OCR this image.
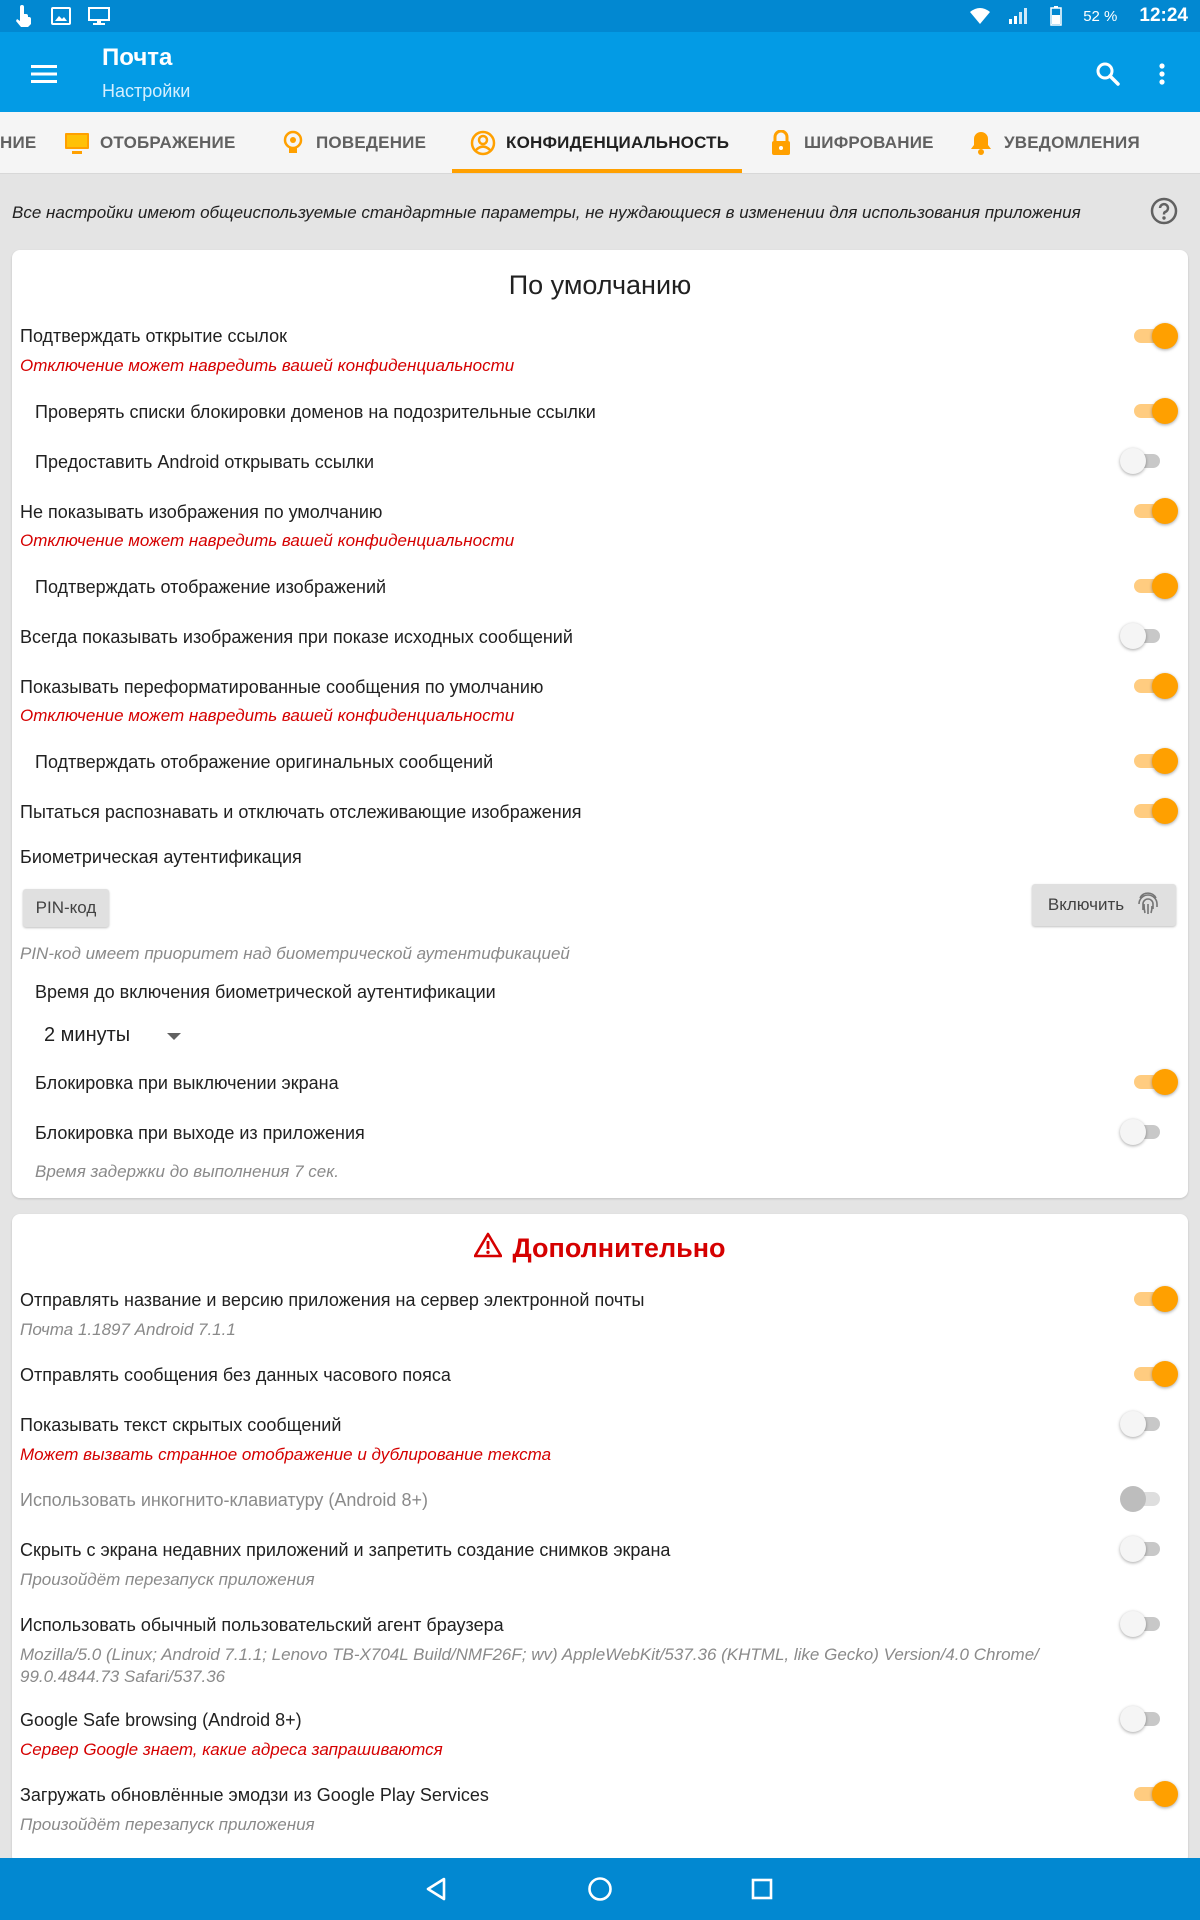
52 % 12:24
Почта
Настройки
НИЕ	ОТОБРАЖЕНИЕ	ПОВЕДЕНИЕ	КОНФИДЕНЦИАЛЬНОСТЬ	ШИФРОВАНИЕ	УВЕДОМЛЕНИЯ
Все настройки имеют общеиспользуемые стандартные параметры, не нуждающиеся в изменении для использования приложения
По умолчанию
Подтверждать открытие ссылок
Отключение может навредить вашей конфиденциальности
Проверять списки блокировки доменов на подозрительные ссылки
Предоставить Android открывать ссылки
Не показывать изображения по умолчанию
Отключение может навредить вашей конфиденциальности
Подтверждать отображение изображений
Всегда показывать изображения при показе исходных сообщений
Показывать переформатированные сообщения по умолчанию
Отключение может навредить вашей конфиденциальности
Подтверждать отображение оригинальных сообщений
Пытаться распознавать и отключать отслеживающие изображения
Биометрическая аутентификация
PIN-код	Включить
PIN-код имеет приоритет над биометрической аутентификацией
Время до включения биометрической аутентификации
2 минуты
Блокировка при выключении экрана
Блокировка при выходе из приложения
Время задержки до выполнения 7 сек.
Дополнительно
Отправлять название и версию приложения на сервер электронной почты
Почта 1.1897 Android 7.1.1
Отправлять сообщения без данных часового пояса
Показывать текст скрытых сообщений
Может вызвать странное отображение и дублирование текста
Использовать инкогнито-клавиатуру (Android 8+)
Скрыть с экрана недавних приложений и запретить создание снимков экрана
Произойдёт перезапуск приложения
Использовать обычный пользовательский агент браузера
Mozilla/5.0 (Linux; Android 7.1.1; Lenovo TB-X704L Build/NMF26F; wv) AppleWebKit/537.36 (KHTML, like Gecko) Version/4.0 Chrome/
99.0.4844.73 Safari/537.36
Google Safe browsing (Android 8+)
Сервер Google знает, какие адреса запрашиваются
Загружать обновлённые эмодзи из Google Play Services
Произойдёт перезапуск приложения
